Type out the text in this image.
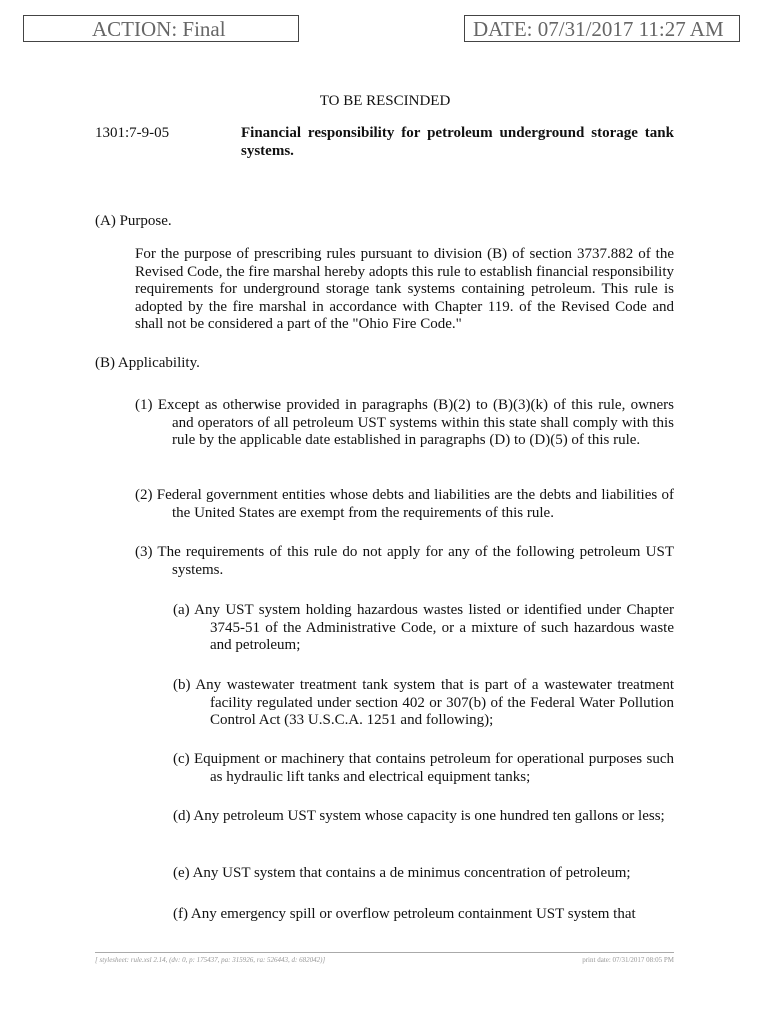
ACTION: Final	DATE: 07/31/2017 11:27 AM
TO BE RESCINDED
1301:7-9-05	Financial responsibility for petroleum underground storage tank systems.
(A) Purpose.
For the purpose of prescribing rules pursuant to division (B) of section 3737.882 of the Revised Code, the fire marshal hereby adopts this rule to establish financial responsibility requirements for underground storage tank systems containing petroleum. This rule is adopted by the fire marshal in accordance with Chapter 119. of the Revised Code and shall not be considered a part of the "Ohio Fire Code."
(B) Applicability.
(1) Except as otherwise provided in paragraphs (B)(2) to (B)(3)(k) of this rule, owners and operators of all petroleum UST systems within this state shall comply with this rule by the applicable date established in paragraphs (D) to (D)(5) of this rule.
(2) Federal government entities whose debts and liabilities are the debts and liabilities of the United States are exempt from the requirements of this rule.
(3) The requirements of this rule do not apply for any of the following petroleum UST systems.
(a) Any UST system holding hazardous wastes listed or identified under Chapter 3745-51 of the Administrative Code, or a mixture of such hazardous waste and petroleum;
(b) Any wastewater treatment tank system that is part of a wastewater treatment facility regulated under section 402 or 307(b) of the Federal Water Pollution Control Act (33 U.S.C.A. 1251 and following);
(c) Equipment or machinery that contains petroleum for operational purposes such as hydraulic lift tanks and electrical equipment tanks;
(d) Any petroleum UST system whose capacity is one hundred ten gallons or less;
(e) Any UST system that contains a de minimus concentration of petroleum;
(f) Any emergency spill or overflow petroleum containment UST system that
[ stylesheet: rule.xsl 2.14, (dv: 0, p: 175437, pa: 315926, ra: 526443, d: 682042)]	print date: 07/31/2017 08:05 PM
